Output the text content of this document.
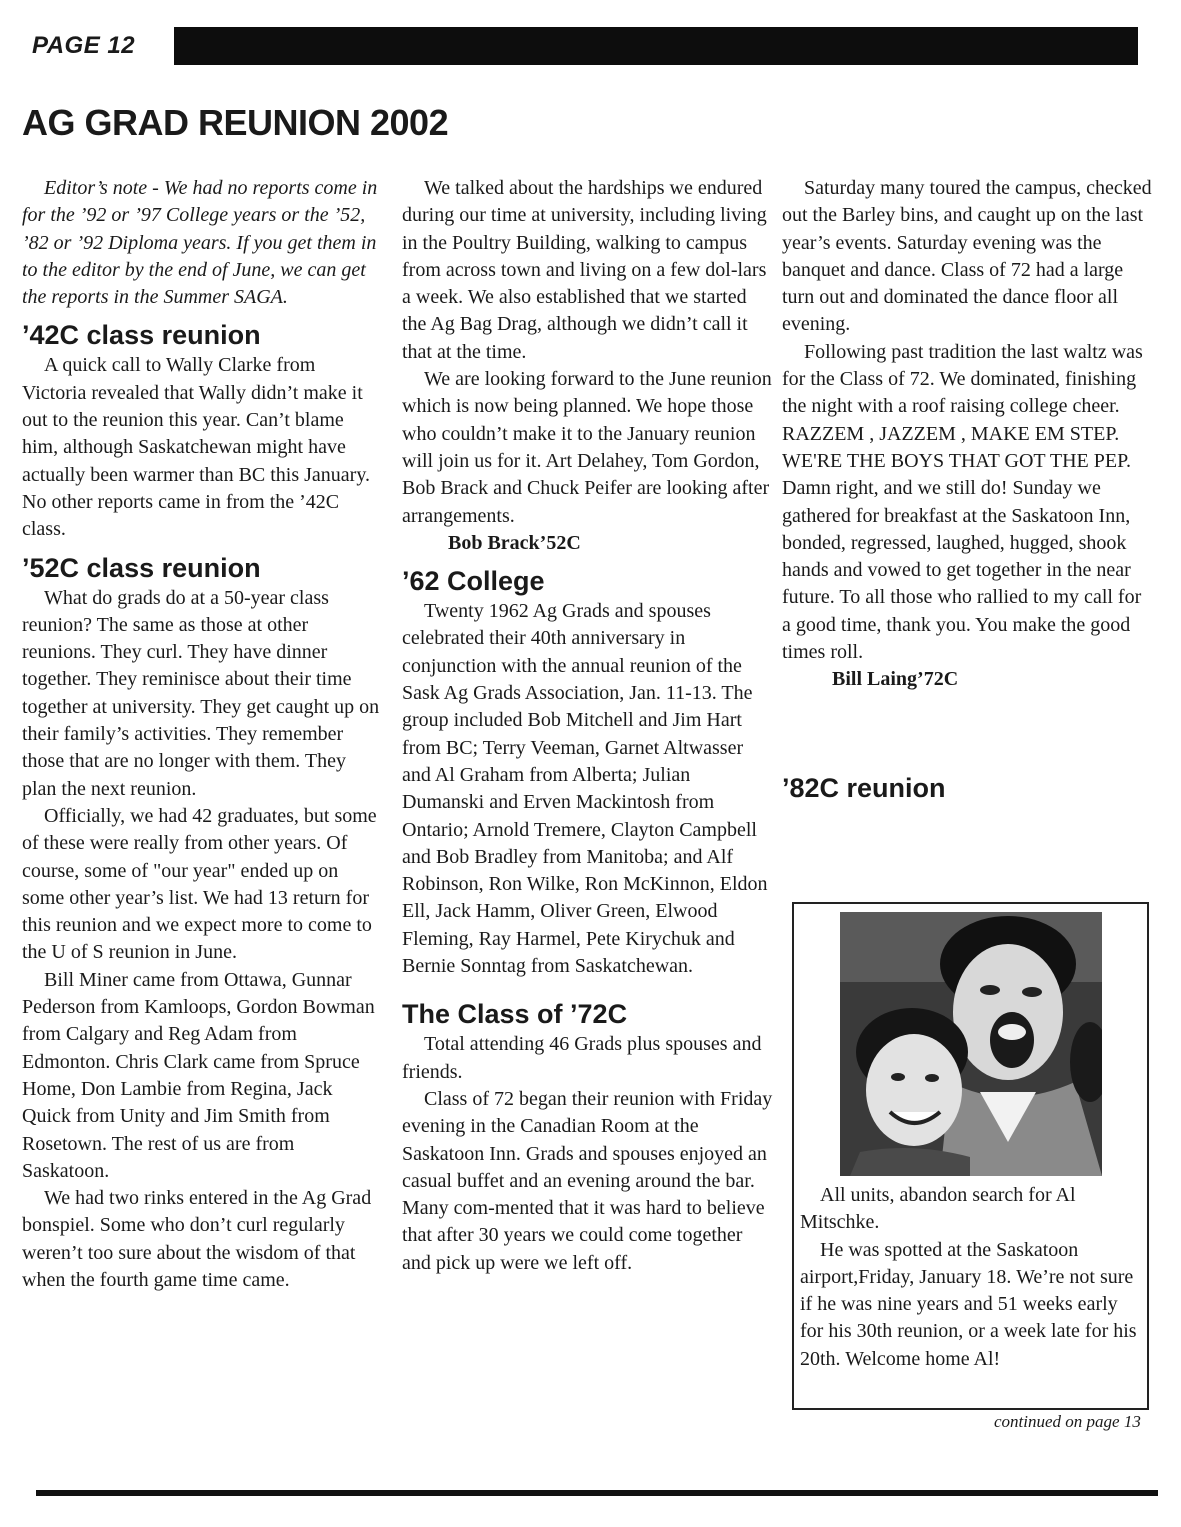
PAGE 12
AG GRAD REUNION 2002

Editor’s note - We had no reports come in for the ’92 or ’97 College years or the ’52, ’82 or ’92 Diploma years. If you get them in to the editor by the end of June, we can get the reports in the Summer SAGA.

’42C class reunion

A quick call to Wally Clarke from Victoria revealed that Wally didn’t make it out to the reunion this year. Can’t blame him, although Saskatchewan might have actually been warmer than BC this January. No other reports came in from the ’42C class.

’52C class reunion

What do grads do at a 50-year class reunion? The same as those at other reunions. They curl. They have dinner together. They reminisce about their time together at university. They get caught up on their family’s activities. They remember those that are no longer with them. They plan the next reunion.

Officially, we had 42 graduates, but some of these were really from other years. Of course, some of "our year" ended up on some other year’s list. We had 13 return for this reunion and we expect more to come to the U of S reunion in June.

Bill Miner came from Ottawa, Gunnar Pederson from Kamloops, Gordon Bowman from Calgary and Reg Adam from Edmonton. Chris Clark came from Spruce Home, Don Lambie from Regina, Jack Quick from Unity and Jim Smith from Rosetown. The rest of us are from Saskatoon.

We had two rinks entered in the Ag Grad bonspiel. Some who don’t curl regularly weren’t too sure about the wisdom of that when the fourth game time came.

We talked about the hardships we endured during our time at university, including living in the Poultry Building, walking to campus from across town and living on a few dol-lars a week. We also established that we started the Ag Bag Drag, although we didn’t call it that at the time.

We are looking forward to the June reunion which is now being planned. We hope those who couldn’t make it to the January reunion will join us for it. Art Delahey, Tom Gordon, Bob Brack and Chuck Peifer are looking after arrangements.

Bob Brack’52C

’62 College

Twenty 1962 Ag Grads and spouses celebrated their 40th anniversary in conjunction with the annual reunion of the Sask Ag Grads Association, Jan. 11-13. The group included Bob Mitchell and Jim Hart from BC; Terry Veeman, Garnet Altwasser and Al Graham from Alberta; Julian Dumanski and Erven Mackintosh from Ontario; Arnold Tremere, Clayton Campbell and Bob Bradley from Manitoba; and Alf Robinson, Ron Wilke, Ron McKinnon, Eldon Ell, Jack Hamm, Oliver Green, Elwood Fleming, Ray Harmel, Pete Kirychuk and Bernie Sonntag from Saskatchewan.

The Class of ’72C

Total attending 46 Grads plus spouses and friends.

Class of 72 began their reunion with Friday evening in the Canadian Room at the Saskatoon Inn. Grads and spouses enjoyed an casual buffet and an evening around the bar. Many com-mented that it was hard to believe that after 30 years we could come together and pick up were we left off.

Saturday many toured the campus, checked out the Barley bins, and caught up on the last year’s events. Saturday evening was the banquet and dance. Class of 72 had a large turn out and dominated the dance floor all evening.

Following past tradition the last waltz was for the Class of 72. We dominated, finishing the night with a roof raising college cheer. RAZZEM , JAZZEM , MAKE EM STEP. WE'RE THE BOYS THAT GOT THE PEP. Damn right, and we still do! Sunday we gathered for breakfast at the Saskatoon Inn, bonded, regressed, laughed, hugged, shook hands and vowed to get together in the near future. To all those who rallied to my call for a good time, thank you. You make the good times roll.

Bill Laing’72C

’82C reunion

All units, abandon search for Al Mitschke.

He was spotted at the Saskatoon airport,Friday, January 18. We’re not sure if he was nine years and 51 weeks early for his 30th reunion, or a week late for his 20th. Welcome home Al!

continued on page 13
